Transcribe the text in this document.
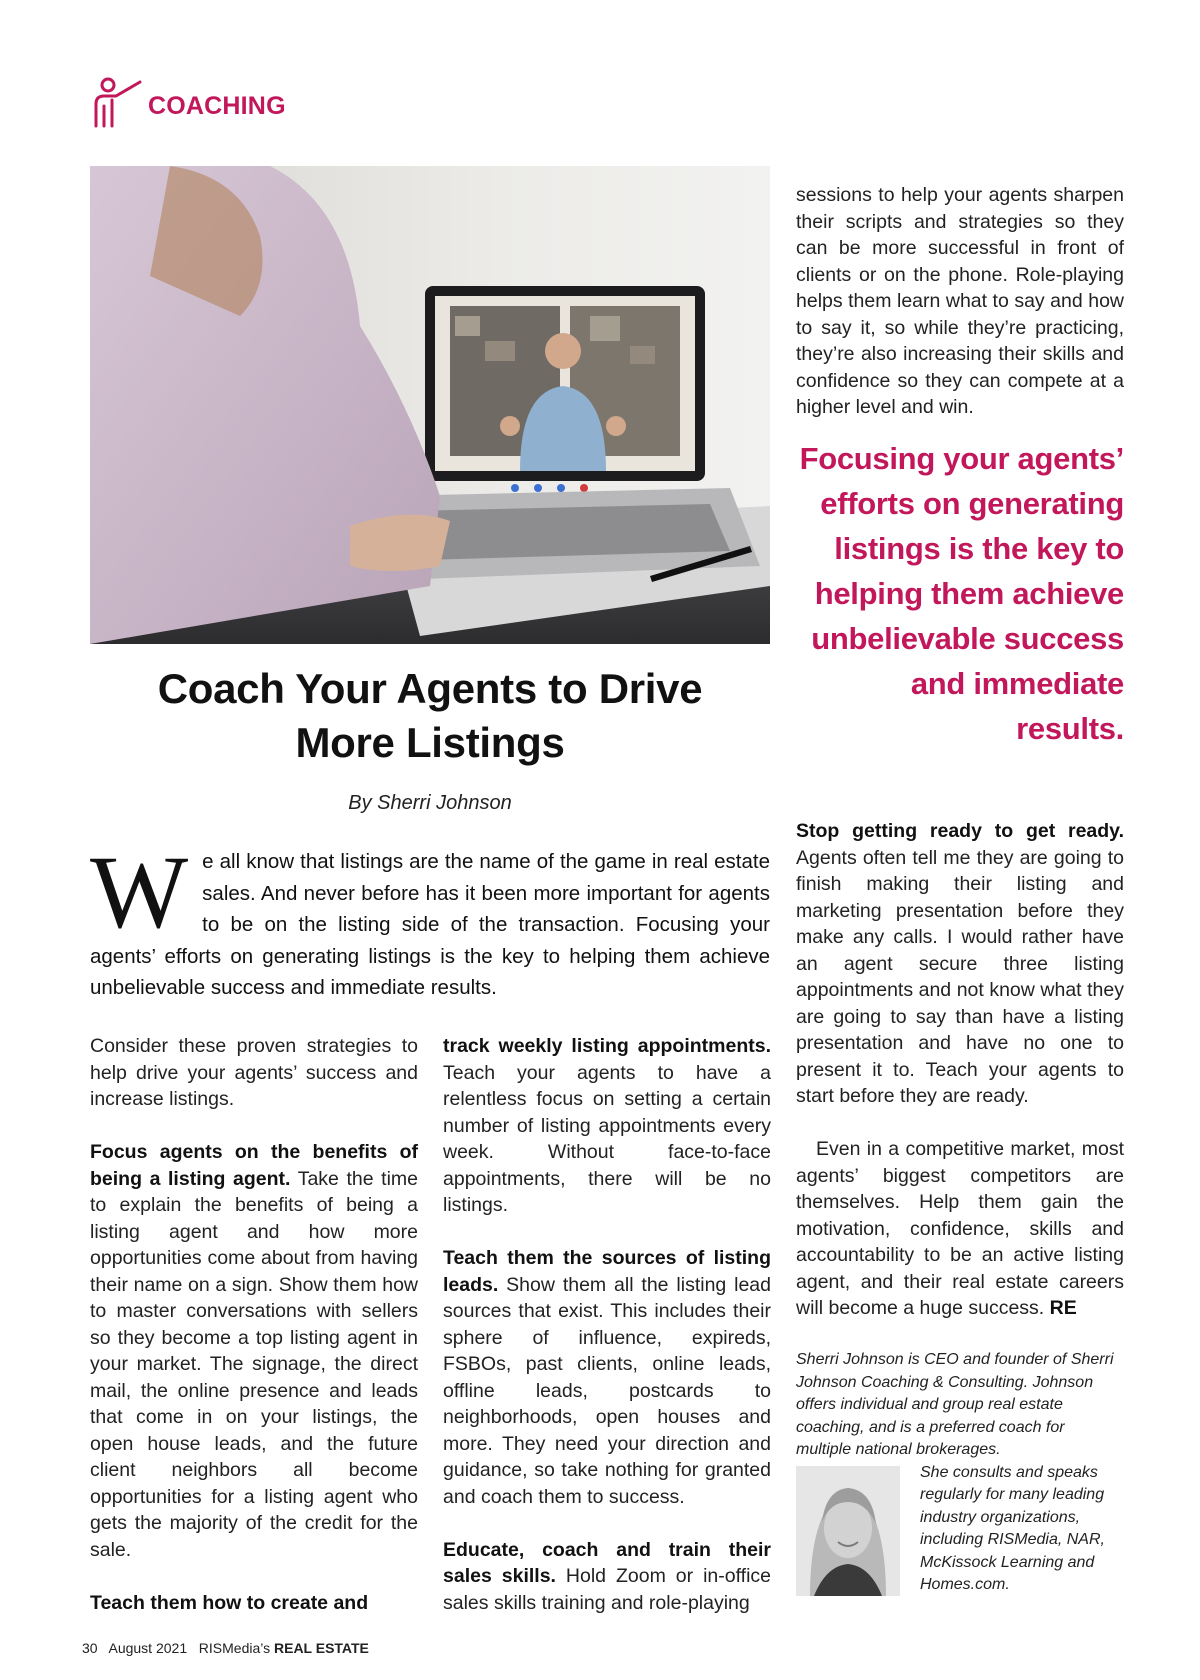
COACHING
Coach Your Agents to Drive
More Listings
By Sherri Johnson
We all know that listings are the name of the game in real estate sales. And never before has it been more important for agents to be on the listing side of the transaction. Focusing your agents’ efforts on generating listings is the key to helping them achieve unbelievable success and immediate results.

Consider these proven strategies to help drive your agents’ success and increase listings.

Focus agents on the benefits of being a listing agent. Take the time to explain the benefits of being a listing agent and how more opportunities come about from having their name on a sign. Show them how to master conversations with sellers so they become a top listing agent in your market. The signage, the direct mail, the online presence and leads that come in on your listings, the open house leads, and the future client neighbors all become opportunities for a listing agent who gets the majority of the credit for the sale.

Teach them how to create and

track weekly listing appointments. Teach your agents to have a relentless focus on setting a certain number of listing appointments every week. Without face-to-face appointments, there will be no listings.

Teach them the sources of listing leads. Show them all the listing lead sources that exist. This includes their sphere of influence, expireds, FSBOs, past clients, online leads, offline leads, postcards to neighborhoods, open houses and more. They need your direction and guidance, so take nothing for granted and coach them to success.

Educate, coach and train their sales skills. Hold Zoom or in-office sales skills training and role-playing

sessions to help your agents sharpen their scripts and strategies so they can be more successful in front of clients or on the phone. Role-playing helps them learn what to say and how to say it, so while they’re practicing, they’re also increasing their skills and confidence so they can compete at a higher level and win.

Focusing your agents’ efforts on generating listings is the key to helping them achieve unbelievable success and immediate results.

Stop getting ready to get ready. Agents often tell me they are going to finish making their listing and marketing presentation before they make any calls. I would rather have an agent secure three listing appointments and not know what they are going to say than have a listing presentation and have no one to present it to. Teach your agents to start before they are ready.

Even in a competitive market, most agents’ biggest competitors are themselves. Help them gain the motivation, confidence, skills and accountability to be an active listing agent, and their real estate careers will become a huge success. RE

Sherri Johnson is CEO and founder of Sherri Johnson Coaching & Consulting. Johnson offers individual and group real estate coaching, and is a preferred coach for multiple national brokerages.
She consults and speaks regularly for many leading industry organizations, including RISMedia, NAR, McKissock Learning and Homes.com.
30 August 2021 RISMedia’s REAL ESTATE
